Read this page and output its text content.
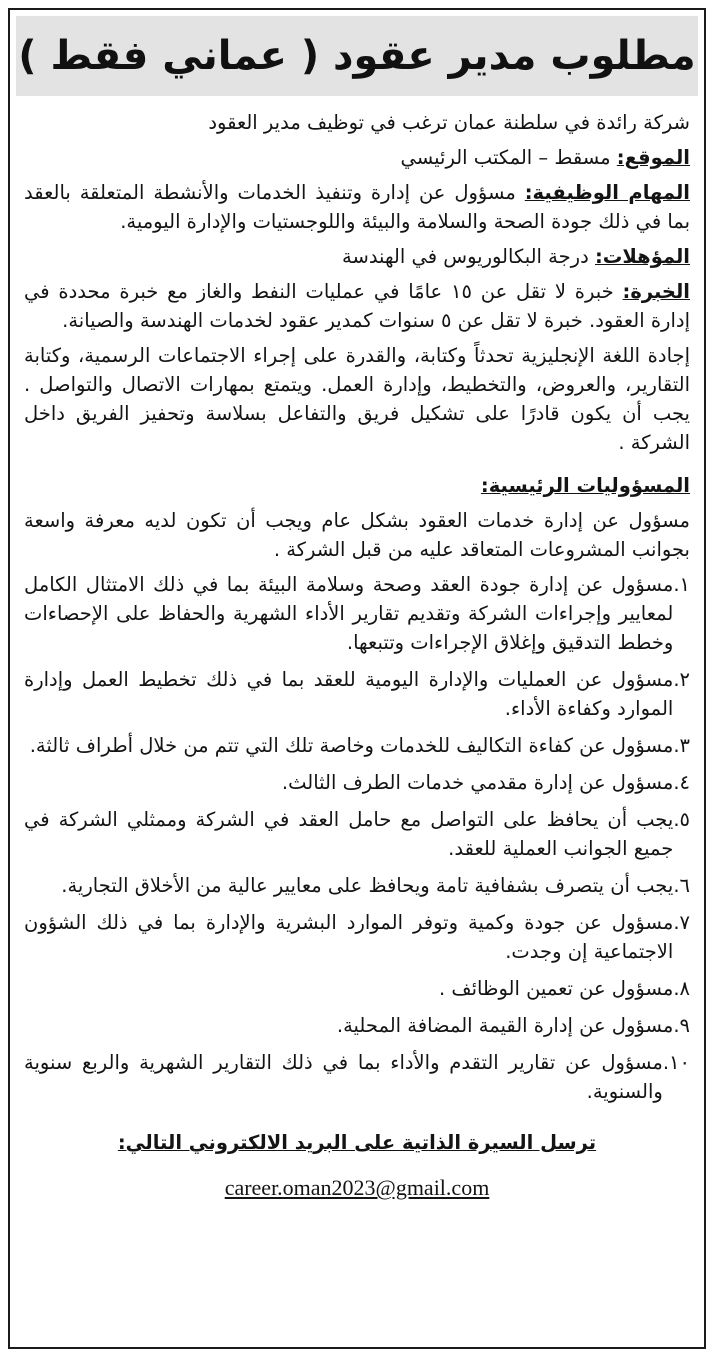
مطلوب مدير عقود ( عماني فقط )

شركة رائدة في سلطنة عمان ترغب في توظيف مدير العقود

الموقع: مسقط – المكتب الرئيسي

المهام الوظيفية: مسؤول عن إدارة وتنفيذ الخدمات والأنشطة المتعلقة بالعقد بما في ذلك جودة الصحة والسلامة والبيئة واللوجستيات والإدارة اليومية.

المؤهلات: درجة البكالوريوس في الهندسة

الخبرة: خبرة لا تقل عن ١٥ عامًا في عمليات النفط والغاز مع خبرة محددة في إدارة العقود. خبرة لا تقل عن ٥ سنوات كمدير عقود لخدمات الهندسة والصيانة.

إجادة اللغة الإنجليزية تحدثاً وكتابة، والقدرة على إجراء الاجتماعات الرسمية، وكتابة التقارير، والعروض، والتخطيط، وإدارة العمل. ويتمتع بمهارات الاتصال والتواصل . يجب أن يكون قادرًا على تشكيل فريق والتفاعل بسلاسة وتحفيز الفريق داخل الشركة .

المسؤوليات الرئيسية:

مسؤول عن إدارة خدمات العقود بشكل عام ويجب أن تكون لديه معرفة واسعة بجوانب المشروعات المتعاقد عليه من قبل الشركة .

١.
مسؤول عن إدارة جودة العقد وصحة وسلامة البيئة بما في ذلك الامتثال الكامل لمعايير وإجراءات الشركة وتقديم تقارير الأداء الشهرية والحفاظ على الإحصاءات وخطط التدقيق وإغلاق الإجراءات وتتبعها.
٢.
مسؤول عن العمليات والإدارة اليومية للعقد بما في ذلك تخطيط العمل وإدارة الموارد وكفاءة الأداء.
٣.
مسؤول عن كفاءة التكاليف للخدمات وخاصة تلك التي تتم من خلال أطراف ثالثة.
٤.
مسؤول عن إدارة مقدمي خدمات الطرف الثالث.
٥.
يجب أن يحافظ على التواصل مع حامل العقد في الشركة وممثلي الشركة في جميع الجوانب العملية للعقد.
٦.
يجب أن يتصرف بشفافية تامة ويحافظ على معايير عالية من الأخلاق التجارية.
٧.
مسؤول عن جودة وكمية وتوفر الموارد البشرية والإدارة بما في ذلك الشؤون الاجتماعية إن وجدت.
٨.
مسؤول عن تعمين الوظائف .
٩.
مسؤول عن إدارة القيمة المضافة المحلية.
١٠.
مسؤول عن تقارير التقدم والأداء بما في ذلك التقارير الشهرية والربع سنوية والسنوية.
ترسل السيرة الذاتية على البريد الالكتروني التالي:
career.oman2023@gmail.com
